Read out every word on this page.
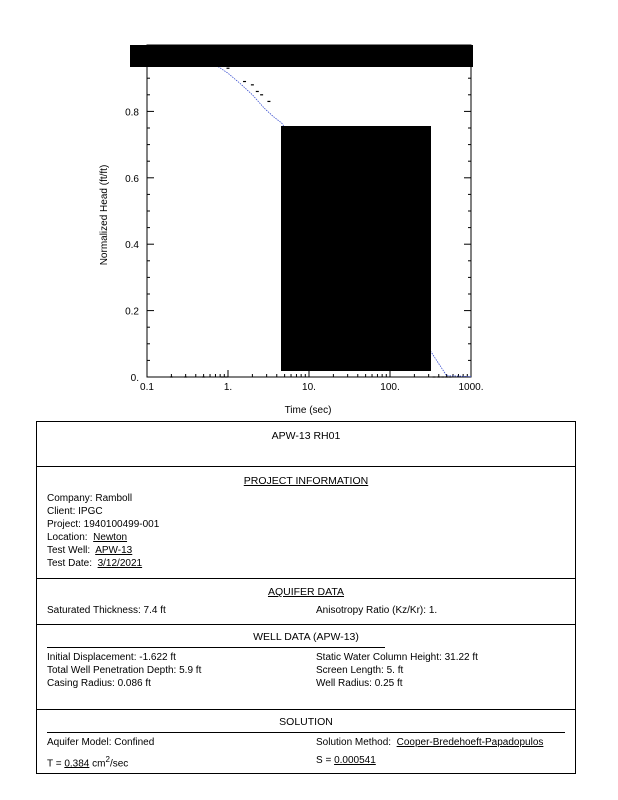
0.1	1.	10.	100.	1000.
0.
0.2
0.4
0.6
0.8
Time (sec)
Normalized Head (ft/ft)
APW-13 RH01
PROJECT INFORMATION
Company: Ramboll
Client: IPGC
Project: 1940100499-001
Location: Newton
Test Well: APW-13
Test Date: 3/12/2021
AQUIFER DATA
Saturated Thickness: 7.4 ft	Anisotropy Ratio (Kz/Kr): 1.
WELL DATA (APW-13)
Initial Displacement: -1.622 ft	Static Water Column Height: 31.22 ft
Total Well Penetration Depth: 5.9 ft	Screen Length: 5. ft
Casing Radius: 0.086 ft	Well Radius: 0.25 ft
SOLUTION
Aquifer Model: Confined	Solution Method: Cooper-Bredehoeft-Papadopulos
T = 0.384 $cm^2/\sec$	S = 0.000541
